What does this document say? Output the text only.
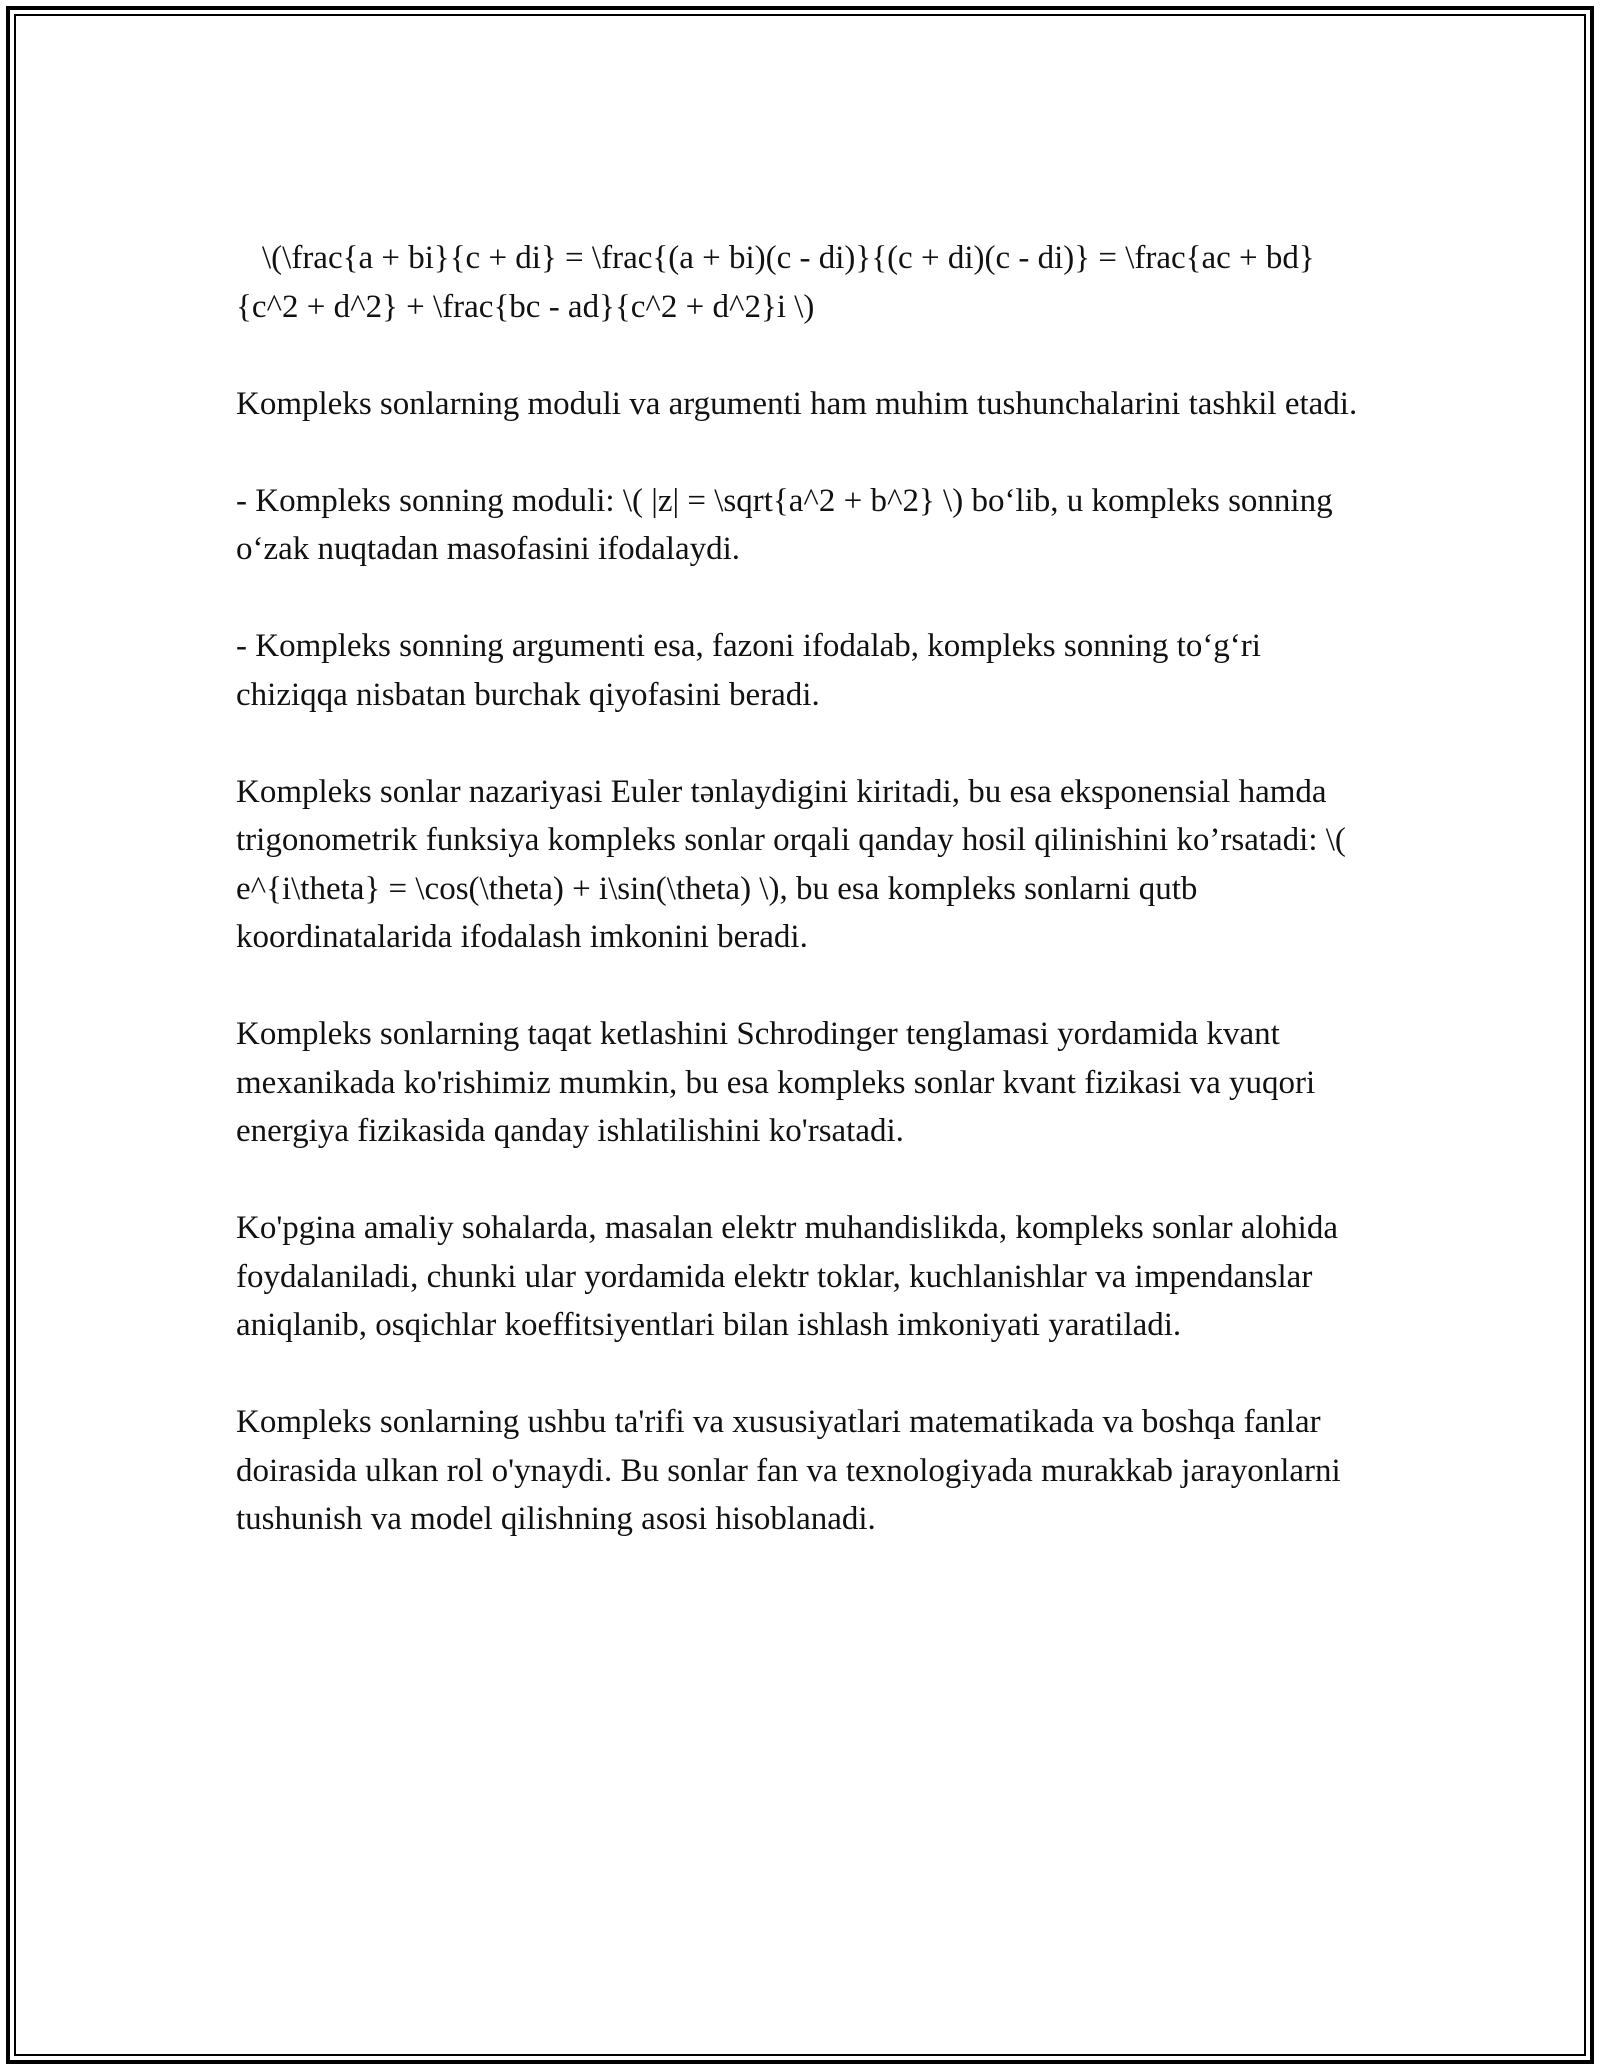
\(\frac{a + bi}{c + di} = \frac{(a + bi)(c - di)}{(c + di)(c - di)} = \frac{ac + bd}{c^2 + d^2} + \frac{bc - ad}{c^2 + d^2}i \)

Kompleks sonlarning moduli va argumenti ham muhim tushunchalarini tashkil etadi.

- Kompleks sonning moduli: \( |z| = \sqrt{a^2 + b^2} \) bo‘lib, u kompleks sonning o‘zak nuqtadan masofasini ifodalaydi.

- Kompleks sonning argumenti esa, fazoni ifodalab, kompleks sonning to‘g‘ri chiziqqa nisbatan burchak qiyofasini beradi.

Kompleks sonlar nazariyasi Euler tənlaydigini kiritadi, bu esa eksponensial hamda trigonometrik funksiya kompleks sonlar orqali qanday hosil qilinishini ko’rsatadi: \( e^{i\theta} = \cos(\theta) + i\sin(\theta) \), bu esa kompleks sonlarni qutb koordinatalarida ifodalash imkonini beradi.

Kompleks sonlarning taqat ketlashini Schrodinger tenglamasi yordamida kvant mexanikada ko'rishimiz mumkin, bu esa kompleks sonlar kvant fizikasi va yuqori energiya fizikasida qanday ishlatilishini ko'rsatadi.

Ko'pgina amaliy sohalarda, masalan elektr muhandislikda, kompleks sonlar alohida foydalaniladi, chunki ular yordamida elektr toklar, kuchlanishlar va impendanslar aniqlanib, osqichlar koeffitsiyentlari bilan ishlash imkoniyati yaratiladi.

Kompleks sonlarning ushbu ta'rifi va xususiyatlari matematikada va boshqa fanlar doirasida ulkan rol o'ynaydi. Bu sonlar fan va texnologiyada murakkab jarayonlarni tushunish va model qilishning asosi hisoblanadi.
